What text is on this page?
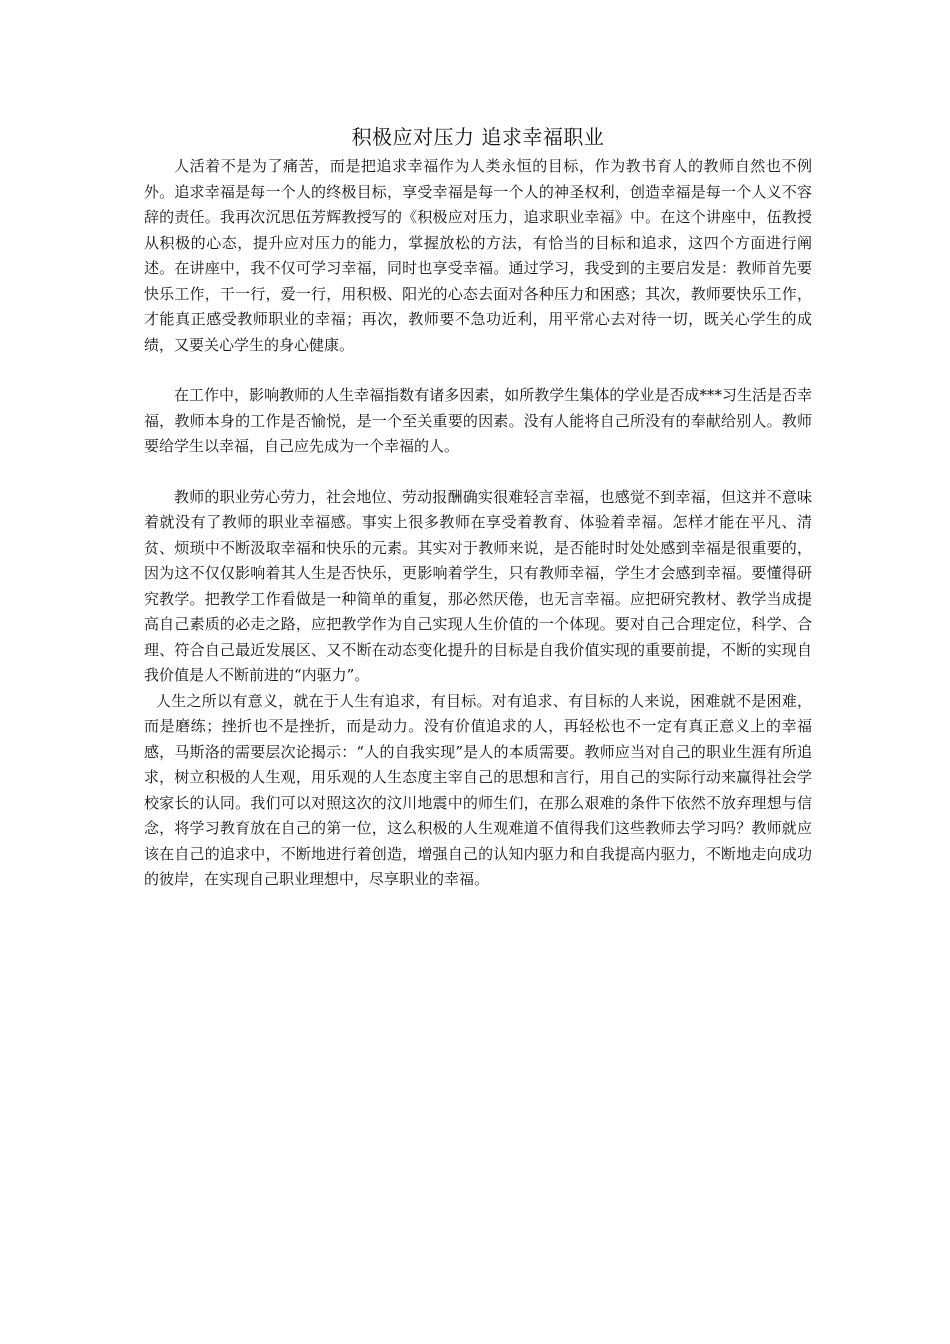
积极应对压力 追求幸福职业

人活着不是为了痛苦，而是把追求幸福作为人类永恒的目标，作为教书育人的教师自然也不例外。追求幸福是每一个人的终极目标，享受幸福是每一个人的神圣权利，创造幸福是每一个人义不容辞的责任。我再次沉思伍芳辉教授写的《积极应对压力，追求职业幸福》中。在这个讲座中，伍教授从积极的心态，提升应对压力的能力，掌握放松的方法，有恰当的目标和追求，这四个方面进行阐述。在讲座中，我不仅可学习幸福，同时也享受幸福。通过学习，我受到的主要启发是：教师首先要快乐工作，干一行，爱一行，用积极、阳光的心态去面对各种压力和困惑；其次，教师要快乐工作，才能真正感受教师职业的幸福；再次，教师要不急功近利，用平常心去对待一切，既关心学生的成绩，又要关心学生的身心健康。

在工作中，影响教师的人生幸福指数有诸多因素，如所教学生集体的学业是否成***习生活是否幸福，教师本身的工作是否愉悦，是一个至关重要的因素。没有人能将自己所没有的奉献给别人。教师要给学生以幸福，自己应先成为一个幸福的人。

教师的职业劳心劳力，社会地位、劳动报酬确实很难轻言幸福，也感觉不到幸福，但这并不意味着就没有了教师的职业幸福感。事实上很多教师在享受着教育、体验着幸福。怎样才能在平凡、清贫、烦琐中不断汲取幸福和快乐的元素。其实对于教师来说，是否能时时处处感到幸福是很重要的，因为这不仅仅影响着其人生是否快乐，更影响着学生，只有教师幸福，学生才会感到幸福。要懂得研究教学。把教学工作看做是一种简单的重复，那必然厌倦，也无言幸福。应把研究教材、教学当成提高自己素质的必走之路，应把教学作为自己实现人生价值的一个体现。要对自己合理定位，科学、合理、符合自己最近发展区、又不断在动态变化提升的目标是自我价值实现的重要前提，不断的实现自我价值是人不断前进的“内驱力”。

人生之所以有意义，就在于人生有追求，有目标。对有追求、有目标的人来说，困难就不是困难，而是磨练；挫折也不是挫折，而是动力。没有价值追求的人，再轻松也不一定有真正意义上的幸福感，马斯洛的需要层次论揭示：“人的自我实现”是人的本质需要。教师应当对自己的职业生涯有所追求，树立积极的人生观，用乐观的人生态度主宰自己的思想和言行，用自己的实际行动来赢得社会学校家长的认同。我们可以对照这次的汶川地震中的师生们，在那么艰难的条件下依然不放弃理想与信念，将学习教育放在自己的第一位，这么积极的人生观难道不值得我们这些教师去学习吗？教师就应该在自己的追求中，不断地进行着创造，增强自己的认知内驱力和自我提高内驱力，不断地走向成功的彼岸，在实现自己职业理想中，尽享职业的幸福。
